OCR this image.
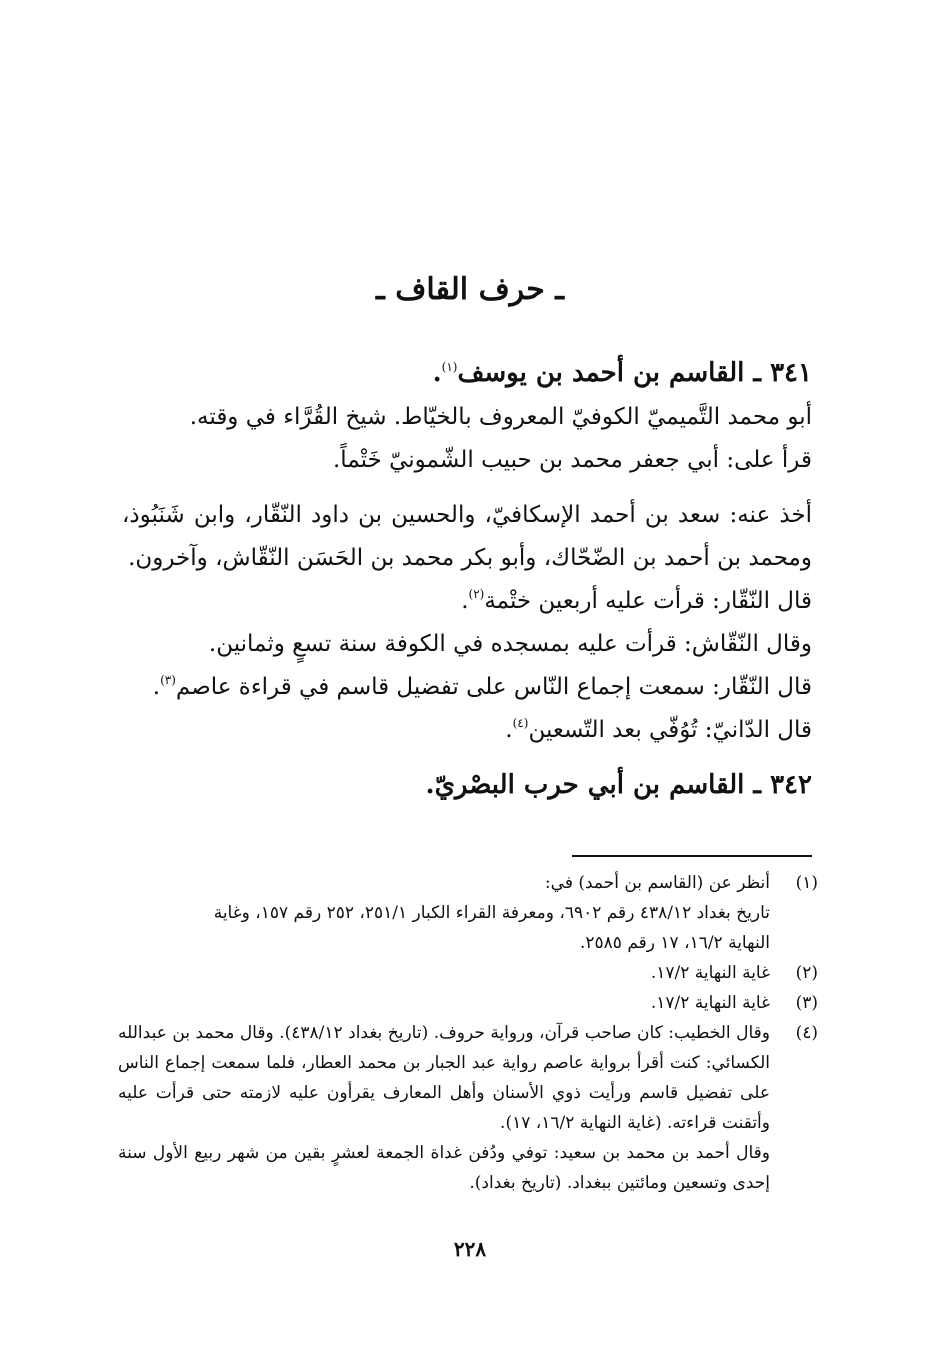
ـ حرف القاف ـ
٣٤١ ـ القاسم بن أحمد بن يوسف$^{(١)}$.
أبو محمد التَّميميّ الكوفيّ المعروف بالخيّاط. شيخ القُرَّاء في وقته.
قرأ على: أبي جعفر محمد بن حبيب الشّمونيّ خَتْماً.
أخذ عنه: سعد بن أحمد الإسكافيّ، والحسين بن داود النّقّار، وابن شَنَبُوذ، ومحمد بن أحمد بن الضّحّاك، وأبو بكر محمد بن الحَسَن النّقّاش، وآخرون.
قال النّقّار: قرأت عليه أربعين ختْمة$^{(٢)}$.
وقال النّقّاش: قرأت عليه بمسجده في الكوفة سنة تسعٍ وثمانين.
قال النّقّار: سمعت إجماع النّاس على تفضيل قاسم في قراءة عاصم$^{(٣)}$.
قال الدّانيّ: تُوُفّي بعد التّسعين$^{(٤)}$.
٣٤٢ ـ القاسم بن أبي حرب البصْريّ.
(١)
أنظر عن (القاسم بن أحمد) في:
تاريخ بغداد ٤٣٨/١٢ رقم ٦٩٠٢، ومعرفة القراء الكبار ٢٥١/١، ٢٥٢ رقم ١٥٧، وغاية
النهاية ١٦/٢، ١٧ رقم ٢٥٨٥.
(٢)
غاية النهاية ١٧/٢.
(٣)
غاية النهاية ١٧/٢.
(٤)
وقال الخطيب: كان صاحب قرآن، ورواية حروف. (تاريخ بغداد ٤٣٨/١٢). وقال محمد بن عبدالله الكسائي: كنت أقرأ برواية عاصم رواية عبد الجبار بن محمد العطار، فلما سمعت إجماع الناس على تفضيل قاسم ورأيت ذوي الأسنان وأهل المعارف يقرأون عليه لازمته حتى قرأت عليه وأتقنت قراءته. (غاية النهاية ١٦/٢، ١٧).
وقال أحمد بن محمد بن سعيد: توفي ودُفن غداة الجمعة لعشرٍ بقين من شهر ربيع الأول سنة إحدى وتسعين ومائتين ببغداد. (تاريخ بغداد).
٢٢٨
